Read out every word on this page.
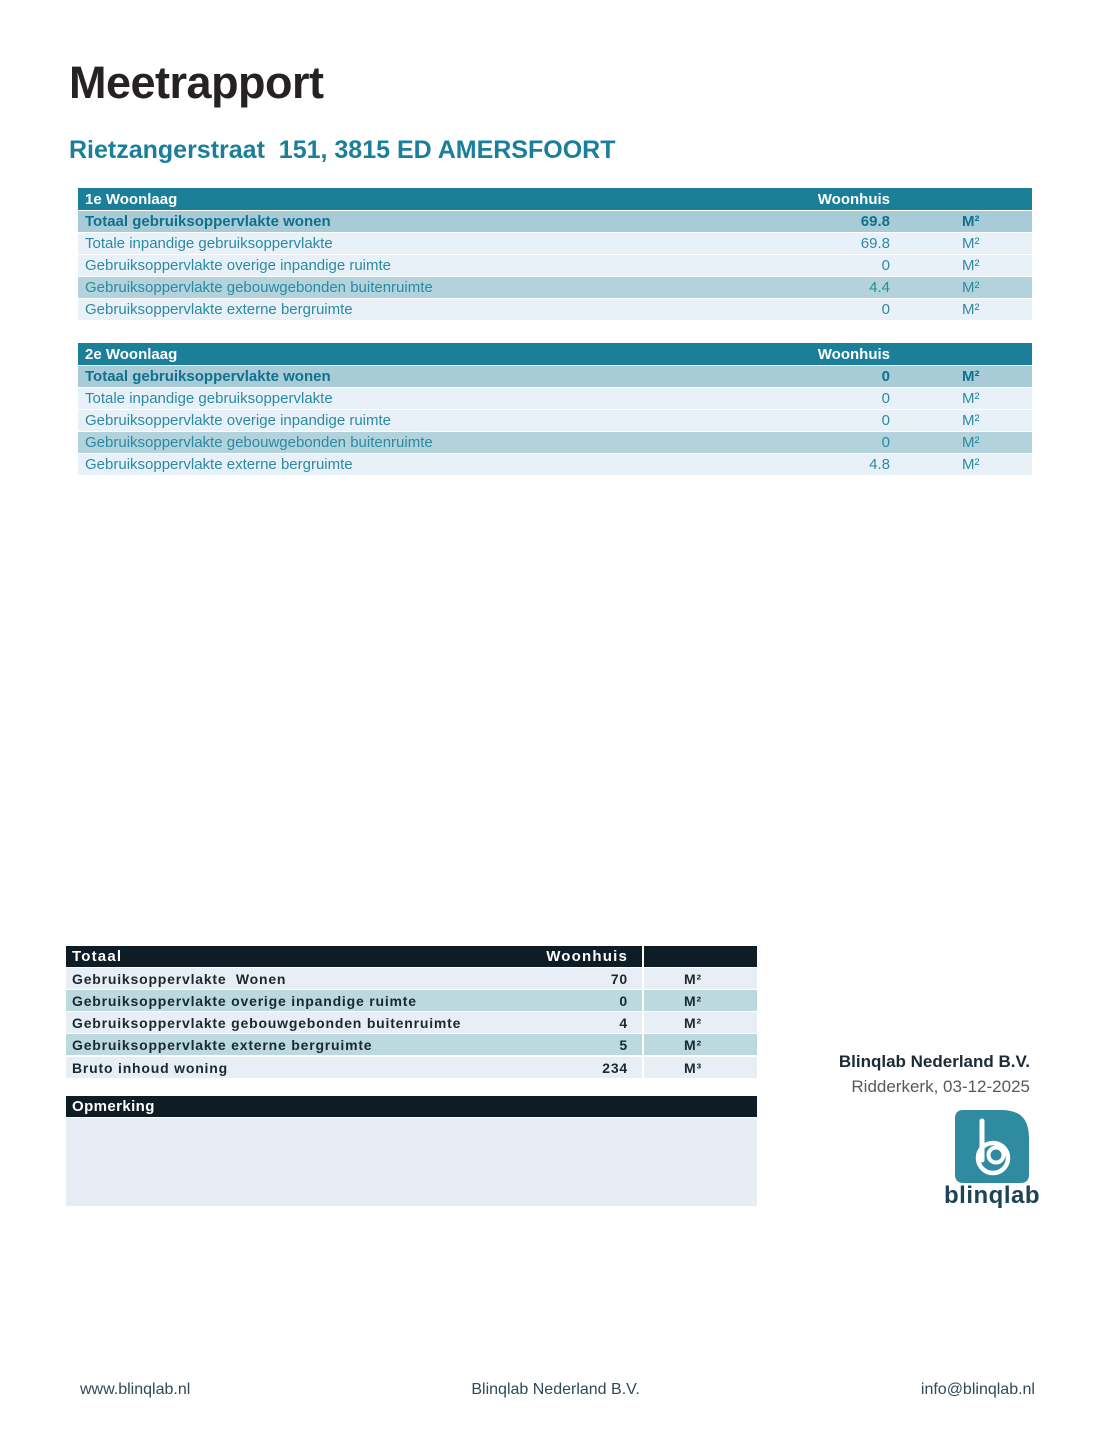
Meetrapport
Rietzangerstraat  151, 3815 ED AMERSFOORT
1e Woonlaag	Woonhuis
Totaal gebruiksoppervlakte wonen	69.8	M²
Totale inpandige gebruiksoppervlakte	69.8	M²
Gebruiksoppervlakte overige inpandige ruimte	0	M²
Gebruiksoppervlakte gebouwgebonden buitenruimte	4.4	M²
Gebruiksoppervlakte externe bergruimte	0	M²
2e Woonlaag	Woonhuis
Totaal gebruiksoppervlakte wonen	0	M²
Totale inpandige gebruiksoppervlakte	0	M²
Gebruiksoppervlakte overige inpandige ruimte	0	M²
Gebruiksoppervlakte gebouwgebonden buitenruimte	0	M²
Gebruiksoppervlakte externe bergruimte	4.8	M²
Totaal	Woonhuis
Gebruiksoppervlakte  Wonen	70	M²
Gebruiksoppervlakte overige inpandige ruimte	0	M²
Gebruiksoppervlakte gebouwgebonden buitenruimte	4	M²
Gebruiksoppervlakte externe bergruimte	5	M²
Bruto inhoud woning	234	M³
Opmerking
Blinqlab Nederland B.V.
Ridderkerk, 03-12-2025
blinqlab
www.blinqlab.nl	Blinqlab Nederland B.V.	info@blinqlab.nl
